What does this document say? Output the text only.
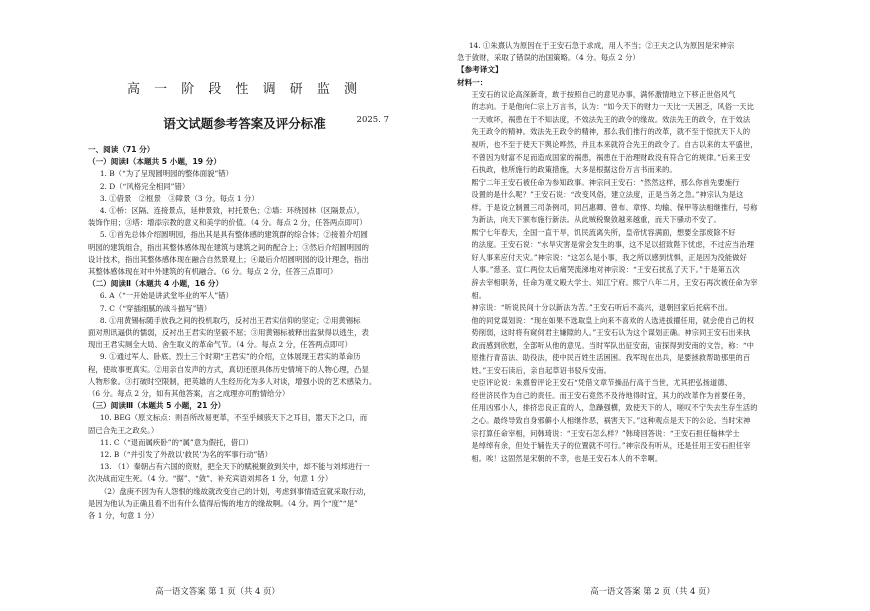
高 一 阶 段 性 调 研 监 测
语文试题参考答案及评分标准	2025. 7

一、阅读（71 分）

（一）阅读Ⅰ（本题共 5 小题，19 分）

1. B（“为了呈现圆明园的整体面貌”错）

2. D（“风格完全相同”错）

3. ①借景　②框景　③障景（3 分。每点 1 分）

4. ①桥：区隔、连接景点，延伸景致，衬托景色；②墙：环绕园林（区隔景点），

装饰作用；③塔：增添宗教的意义和美学的价值。（4 分。每点 2 分，任答两点即可）

5. ①首先总体介绍圆明园，指出其是具有整体感的建筑群的综合体；②接着介绍圆

明园的建筑组合，指出其整体感体现在建筑与建筑之间的配合上；③然后介绍圆明园的

设计技术，指出其整体感体现在融合自然景观上；④最后介绍圆明园的设计理念，指出

其整体感体现在对中外建筑的有机融合。（6 分。每点 2 分，任答三点即可）

（二）阅读Ⅱ（本题共 4 小题，16 分）

6. A（“一开始是讲武堂毕业的军人”错）

7. C（“穿插细腻的战斗描写”错）

8. ①用黄锡标随手放我之间的投机取巧，反衬出王君实信仰的坚定；②用黄锡标

面对刑讯逼供的懦弱，反衬出王君实的坚毅不屈；③用黄锡标被释出监狱得以逃生，表

现出王君实厕全大局、舍生取义的革命气节。（4 分。每点 2 分，任答两点即可）

9. ①通过军人、卧底、烈士三个时期“王君实”的介绍，立体展现王君实的革命历

程，使故事更真实。②用亲自发声的方式，真切还原具体历史情境下的人物心理，凸显

人物形象。③打破时空限制，把英雄的人生经历化为多人对谈，增强小说的艺术感染力。

（6 分。每点 2 分，如有其他答案，言之成理亦可酌情给分）

（三）阅读Ⅲ（本题共 5 小题，21 分）

10. BEG（原文标点：则吾所改易更革，不至乎倾骇天下之耳目，嚣天下之口，而

固已合先王之政矣。）

11. C（“退而属疾卧”的“属”意为假托，借口）

12. B（“并引发了外敌以‘救民’为名的军事行动”错）

13. （1）秦朝占有六国的资财，把全天下的赋税聚敛到关中，却不能与刘邦进行一

次决战而定生死。（4 分。“据”、“敛”、补充宾语刘邦各 1 分，句意 1 分）

（2）盘庚不因为有人怨恨的缘故就改变自己的计划，考虑到事情适宜就采取行动，

是因为他认为正确且看不出有什么值得后悔的地方的缘故啊。（4 分。两个“度”“是”

各 1 分，句意 1 分）

高一语文答案 第 1 页（共 4 页）

14. ①朱熹认为原因在于王安石急于求成，用人不当；②王夫之认为原因是宋神宗

急于敛财，采取了错误的治国策略。（4 分。每点 2 分）

【参考译文】

材料一：

王安石的议论高深新奇，敢于按照自己的意见办事，满怀激情地立下移正世俗风气

的志向。于是他向仁宗上万言书，认为：“如今天下的财力一天比一天困乏，风俗一天比

一天败坏，祸患在于不知法度，不效法先王的政令的缘故。效法先王的政令，在于效法

先王政令的精神。效法先王政令的精神，那么我们推行的改革，就不至于惊扰天下人的

视听，也不至于使天下舆论哗然，并且本来就符合先王的政令了。自古以来的太平盛世，

不曾因为财富不足而造成国家的祸患，祸患在于治理财政没有符合它的规律。”后来王安

石执政，他所施行的政策措施，大多是根据这份万言书而来的。

熙宁二年王安石被任命为参知政事。神宗问王安石：“然然这样，那么你首先要施行

设置的是什么呢？”王安石说：“改变风俗，建立法度，正是当务之急。”神宗认为是这

样。于是设立制置三司条例司，同吕惠卿、曾布、章惇、均输、保甲等法相继推行，号称

为新法，向天下颁布施行新法。从此贼税聚敛越来越重，而天下骚动不安了。

熙宁七年春天，全国一直干旱，饥民流离失所，皇帝忧容满面，想要全部废除不好

的法度。王安石说：“水旱灾害是常会发生的事，这不足以招致陛下忧虑，不过应当治理

好人事来应付天灾。”神宗说：“这怎么是小事，我之所以感到忧惧，正是因为没能做好

人事。”慈圣、宣仁两位太后痛哭流涕地对神宗说：“王安石扰乱了天下。”于是第五次

辞去宰相职务，任命为观文殿大学士、知江宁府。熙宁八年二月，王安石再次被任命为宰

相。

神宗说：“听说民间十分以新法为苦。”王安石听后不高兴，退朝回家后托病不出。

他的同党谋划说：“现在如果不选取皇上向来不喜欢的人选进拔擢任用，就会使自己的权

势削弱，这时将有窥伺君主嫌隙的人。”王安石认为这个谋划正确。神宗同王安石出来执

政而感到欣慰，全部听从他的意见。当时军队出征安南，宙探得到安南的文告，称：“中

原推行青苗法、助役法，使中民百姓生活困困。我军现在出兵，是要拯救帮助那里的百

姓。”王安石读后，亲自起草诏书驳斥安南。

史臣评论说：朱熹曾评论王安石“凭借文章节操品行高于当世，尤其把弘扬道德、

经世济民作为自己的责任。而王安石竟然不及待地得时宜，其力的改革作为首要任务，

任用凶邪小人，排挤忠良正直的人，急躁强横，致使天下的人，嗟叹不宁失去生存生活的

之心。最终导致自身邪僻小人相继作恶，祸害天下。”这种观点是天下的公论。当时宋神

宗打算任命宰相，问韩琦说：“王安石怎么样？”韩琦回答说：“王安石担任翰林学士

是绰绰有余，但处于辅佐天子的位置就不可行。”神宗没有听从，还是任用王安石担任宰

相。唉！这固然是宋朝的不幸，也是王安石本人的不幸啊。

高一语文答案 第 2 页（共 4 页）
